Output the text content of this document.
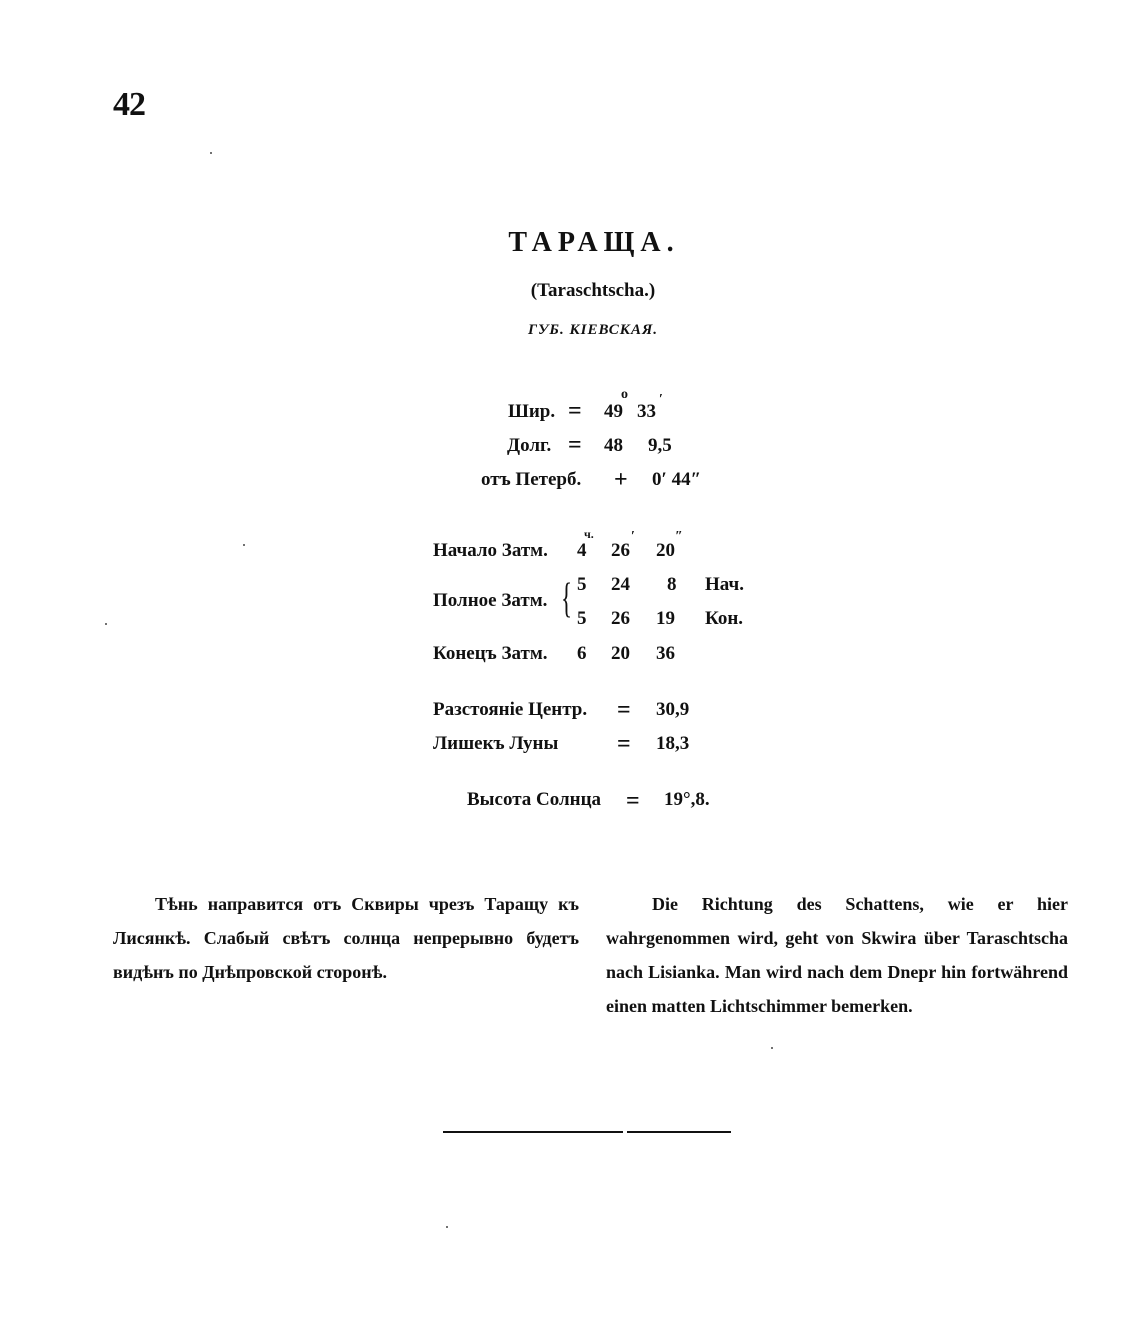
42
ТАРАЩА.
(Taraschtscha.)
ГУБ. КІЕВСКАЯ.
Шир. = 49
о
33
′
Долг. = 48 9,5
отъ Петерб. + 0′ 44″
ч.	′	″
Начало Затм. 4 26 20
Полное Затм. { 5 24 8 Нач.
5 26 19 Кон.
Конецъ Затм. 6 20 36
Разстояніе Центр. = 30,9
Лишекъ Луны = 18,3
Высота Солнца = 19°,8.
Тѣнь направится отъ Сквиры чрезъ Таращу къ Лисянкѣ. Слабый свѣтъ солнца непрерывно будетъ видѣнъ по Днѣпровской сторонѣ.
Die Richtung des Schattens, wie er hier wahrgenommen wird, geht von Skwira über Taraschtscha nach Lisianka. Man wird nach dem Dnepr hin fortwährend einen matten Lichtschimmer bemerken.
